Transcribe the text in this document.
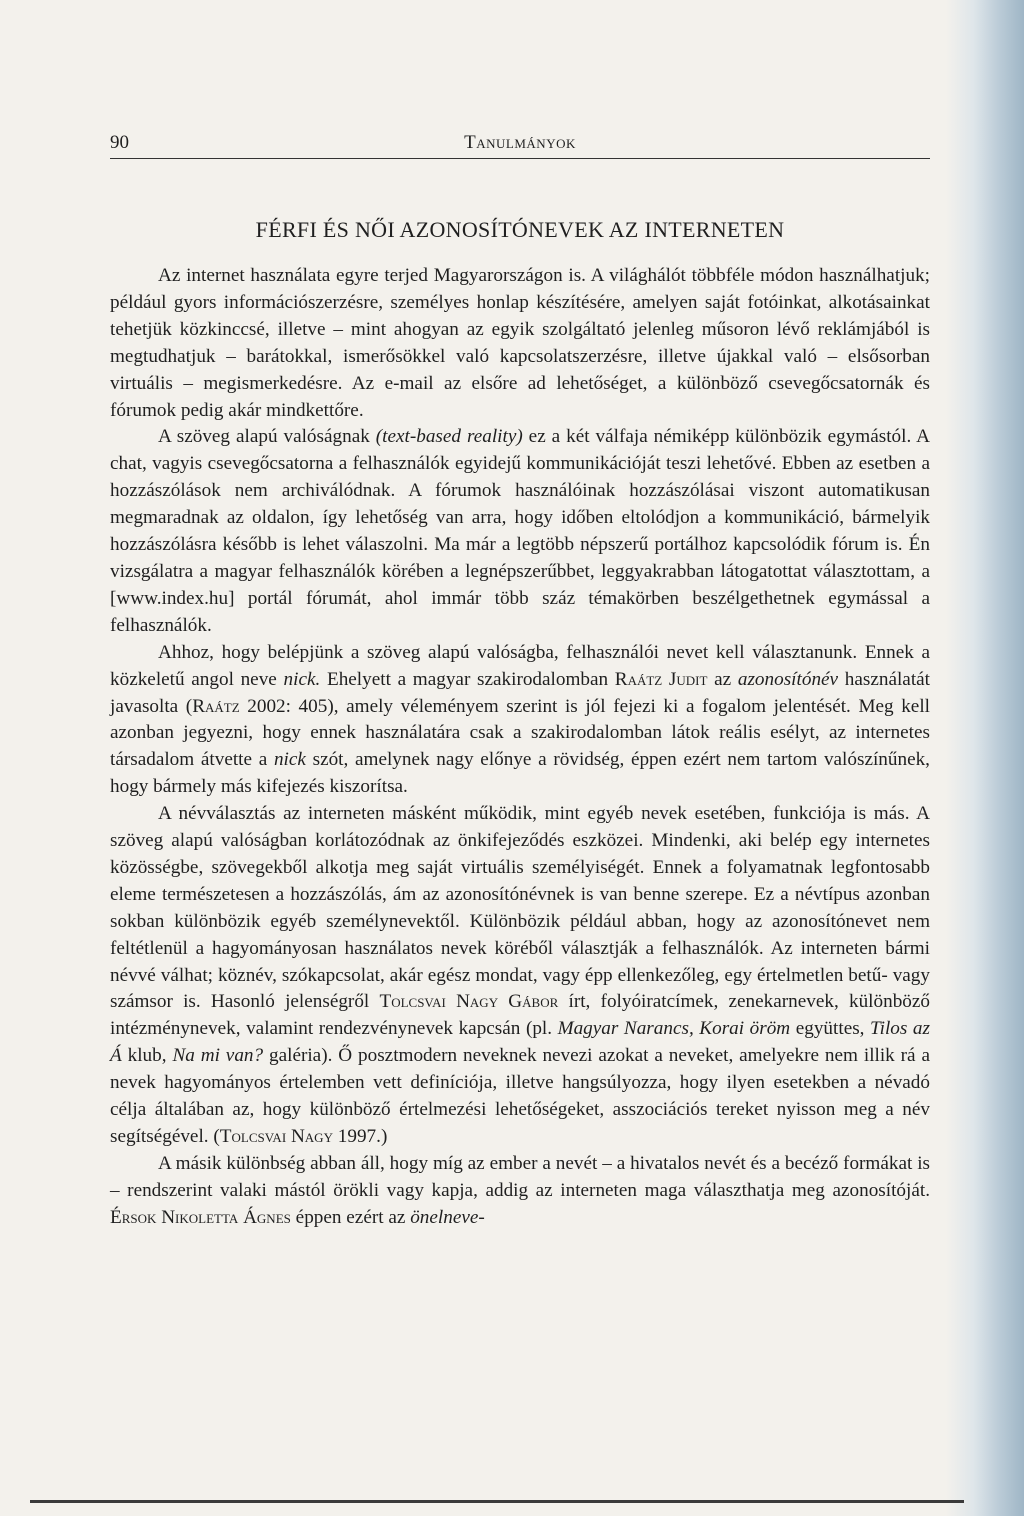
90	Tanulmányok
FÉRFI ÉS NŐI AZONOSÍTÓNEVEK AZ INTERNETEN

Az internet használata egyre terjed Magyarországon is. A világhálót többféle módon használhatjuk; például gyors információszerzésre, személyes honlap készítésére, amelyen saját fotóinkat, alkotásainkat tehetjük közkinccsé, illetve – mint ahogyan az egyik szolgáltató jelenleg műsoron lévő reklámjából is megtudhatjuk – barátokkal, ismerősökkel való kapcsolatszerzésre, illetve újakkal való – elsősorban virtuális – megismerkedésre. Az e-mail az elsőre ad lehetőséget, a különböző csevegőcsatornák és fórumok pedig akár mindkettőre.

A szöveg alapú valóságnak (text-based reality) ez a két válfaja némiképp különbözik egymástól. A chat, vagyis csevegőcsatorna a felhasználók egyidejű kommunikációját teszi lehetővé. Ebben az esetben a hozzászólások nem archiválódnak. A fórumok használóinak hozzászólásai viszont automatikusan megmaradnak az oldalon, így lehetőség van arra, hogy időben eltolódjon a kommunikáció, bármelyik hozzászólásra később is lehet válaszolni. Ma már a legtöbb népszerű portálhoz kapcsolódik fórum is. Én vizsgálatra a magyar felhasználók körében a legnépszerűbbet, leggyakrabban látogatottat választottam, a [www.index.hu] portál fórumát, ahol immár több száz témakörben beszélgethetnek egymással a felhasználók.

Ahhoz, hogy belépjünk a szöveg alapú valóságba, felhasználói nevet kell választanunk. Ennek a közkeletű angol neve nick. Ehelyett a magyar szakirodalomban Raátz Judit az azonosítónév használatát javasolta (Raátz 2002: 405), amely véleményem szerint is jól fejezi ki a fogalom jelentését. Meg kell azonban jegyezni, hogy ennek használatára csak a szakirodalomban látok reális esélyt, az internetes társadalom átvette a nick szót, amelynek nagy előnye a rövidség, éppen ezért nem tartom valószínűnek, hogy bármely más kifejezés kiszorítsa.

A névválasztás az interneten másként működik, mint egyéb nevek esetében, funkciója is más. A szöveg alapú valóságban korlátozódnak az önkifejeződés eszközei. Mindenki, aki belép egy internetes közösségbe, szövegekből alkotja meg saját virtuális személyiségét. Ennek a folyamatnak legfontosabb eleme természetesen a hozzászólás, ám az azonosítónévnek is van benne szerepe. Ez a névtípus azonban sokban különbözik egyéb személynevektől. Különbözik például abban, hogy az azonosítónevet nem feltétlenül a hagyományosan használatos nevek köréből választják a felhasználók. Az interneten bármi névvé válhat; köznév, szókapcsolat, akár egész mondat, vagy épp ellenkezőleg, egy értelmetlen betű- vagy számsor is. Hasonló jelenségről Tolcsvai Nagy Gábor írt, folyóiratcímek, zenekarnevek, különböző intézménynevek, valamint rendezvénynevek kapcsán (pl. Magyar Narancs, Korai öröm együttes, Tilos az Á klub, Na mi van? galéria). Ő posztmodern neveknek nevezi azokat a neveket, amelyekre nem illik rá a nevek hagyományos értelemben vett definíciója, illetve hangsúlyozza, hogy ilyen esetekben a névadó célja általában az, hogy különböző értelmezési lehetőségeket, asszociációs tereket nyisson meg a név segítségével. (Tolcsvai Nagy 1997.)

A másik különbség abban áll, hogy míg az ember a nevét – a hivatalos nevét és a becéző formákat is – rendszerint valaki mástól örökli vagy kapja, addig az interneten maga választhatja meg azonosítóját. Érsok Nikoletta Ágnes éppen ezért az önelneve-
